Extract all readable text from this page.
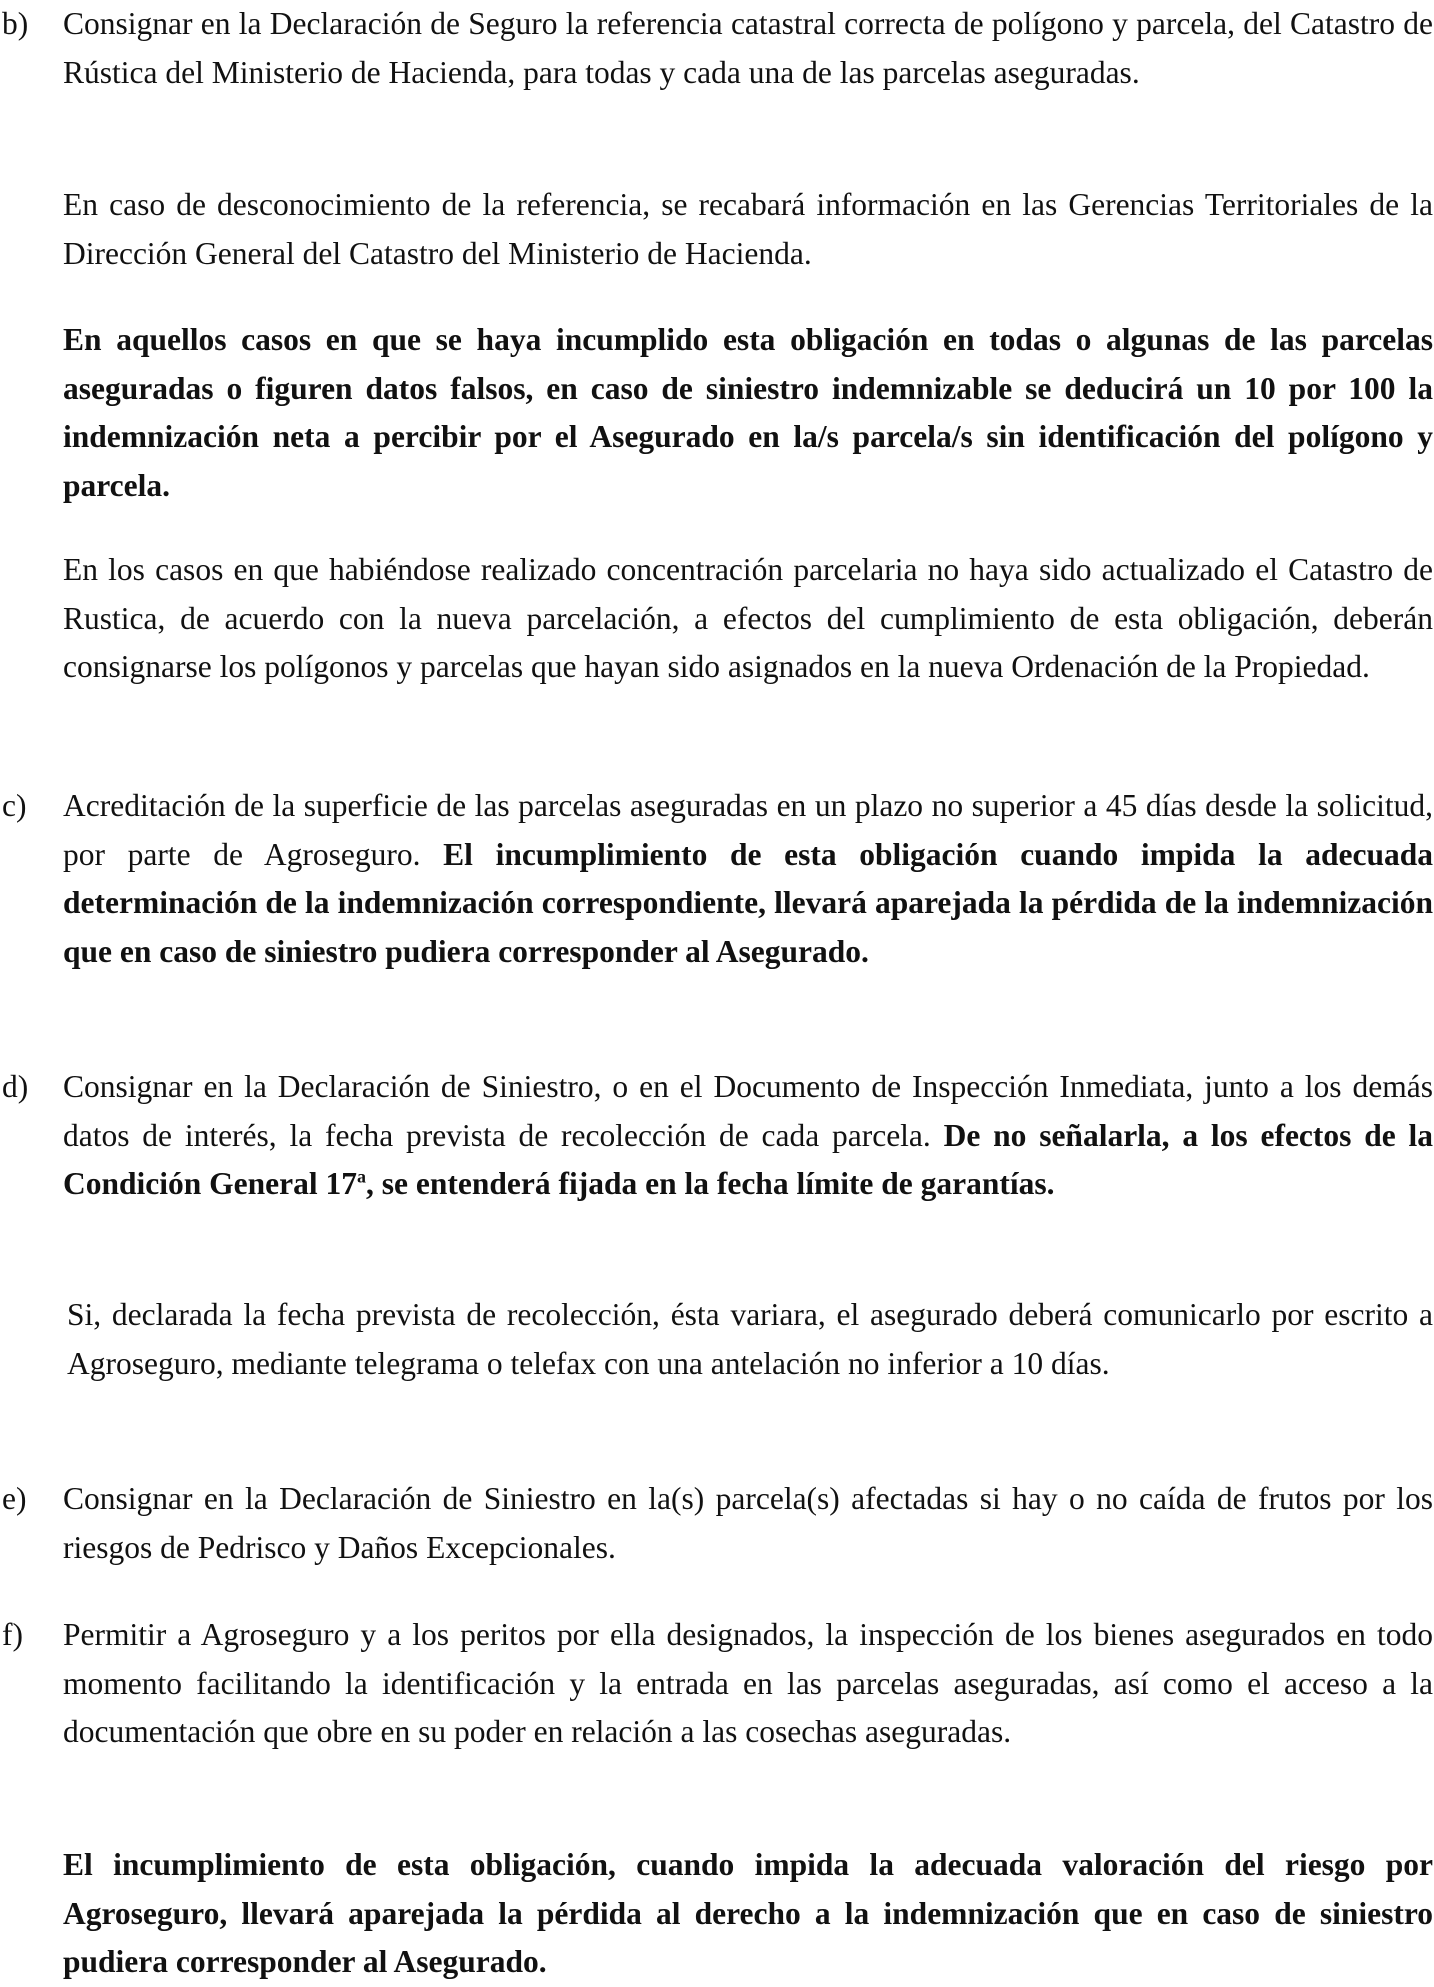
b) Consignar en la Declaración de Seguro la referencia catastral correcta de polígono y parcela, del Catastro de Rústica del Ministerio de Hacienda, para todas y cada una de las parcelas aseguradas.

En caso de desconocimiento de la referencia, se recabará información en las Gerencias Territoriales de la Dirección General del Catastro del Ministerio de Hacienda.

En aquellos casos en que se haya incumplido esta obligación en todas o algunas de las parcelas aseguradas o figuren datos falsos, en caso de siniestro indemnizable se deducirá un 10 por 100 la indemnización neta a percibir por el Asegurado en la/s parcela/s sin identificación del polígono y parcela.

En los casos en que habiéndose realizado concentración parcelaria no haya sido actualizado el Catastro de Rustica, de acuerdo con la nueva parcelación, a efectos del cumplimiento de esta obligación, deberán consignarse los polígonos y parcelas que hayan sido asignados en la nueva Ordenación de la Propiedad.

c) Acreditación de la superficie de las parcelas aseguradas en un plazo no superior a 45 días desde la solicitud, por parte de Agroseguro. El incumplimiento de esta obligación cuando impida la adecuada determinación de la indemnización correspondiente, llevará aparejada la pérdida de la indemnización que en caso de siniestro pudiera corresponder al Asegurado.

d) Consignar en la Declaración de Siniestro, o en el Documento de Inspección Inmediata, junto a los demás datos de interés, la fecha prevista de recolección de cada parcela. De no señalarla, a los efectos de la Condición General 17$^a$, se entenderá fijada en la fecha límite de garantías.

Si, declarada la fecha prevista de recolección, ésta variara, el asegurado deberá comunicarlo por escrito a Agroseguro, mediante telegrama o telefax con una antelación no inferior a 10 días.

e) Consignar en la Declaración de Siniestro en la(s) parcela(s) afectadas si hay o no caída de frutos por los riesgos de Pedrisco y Daños Excepcionales.

f) Permitir a Agroseguro y a los peritos por ella designados, la inspección de los bienes asegurados en todo momento facilitando la identificación y la entrada en las parcelas aseguradas, así como el acceso a la documentación que obre en su poder en relación a las cosechas aseguradas.

El incumplimiento de esta obligación, cuando impida la adecuada valoración del riesgo por Agroseguro, llevará aparejada la pérdida al derecho a la indemnización que en caso de siniestro pudiera corresponder al Asegurado.
